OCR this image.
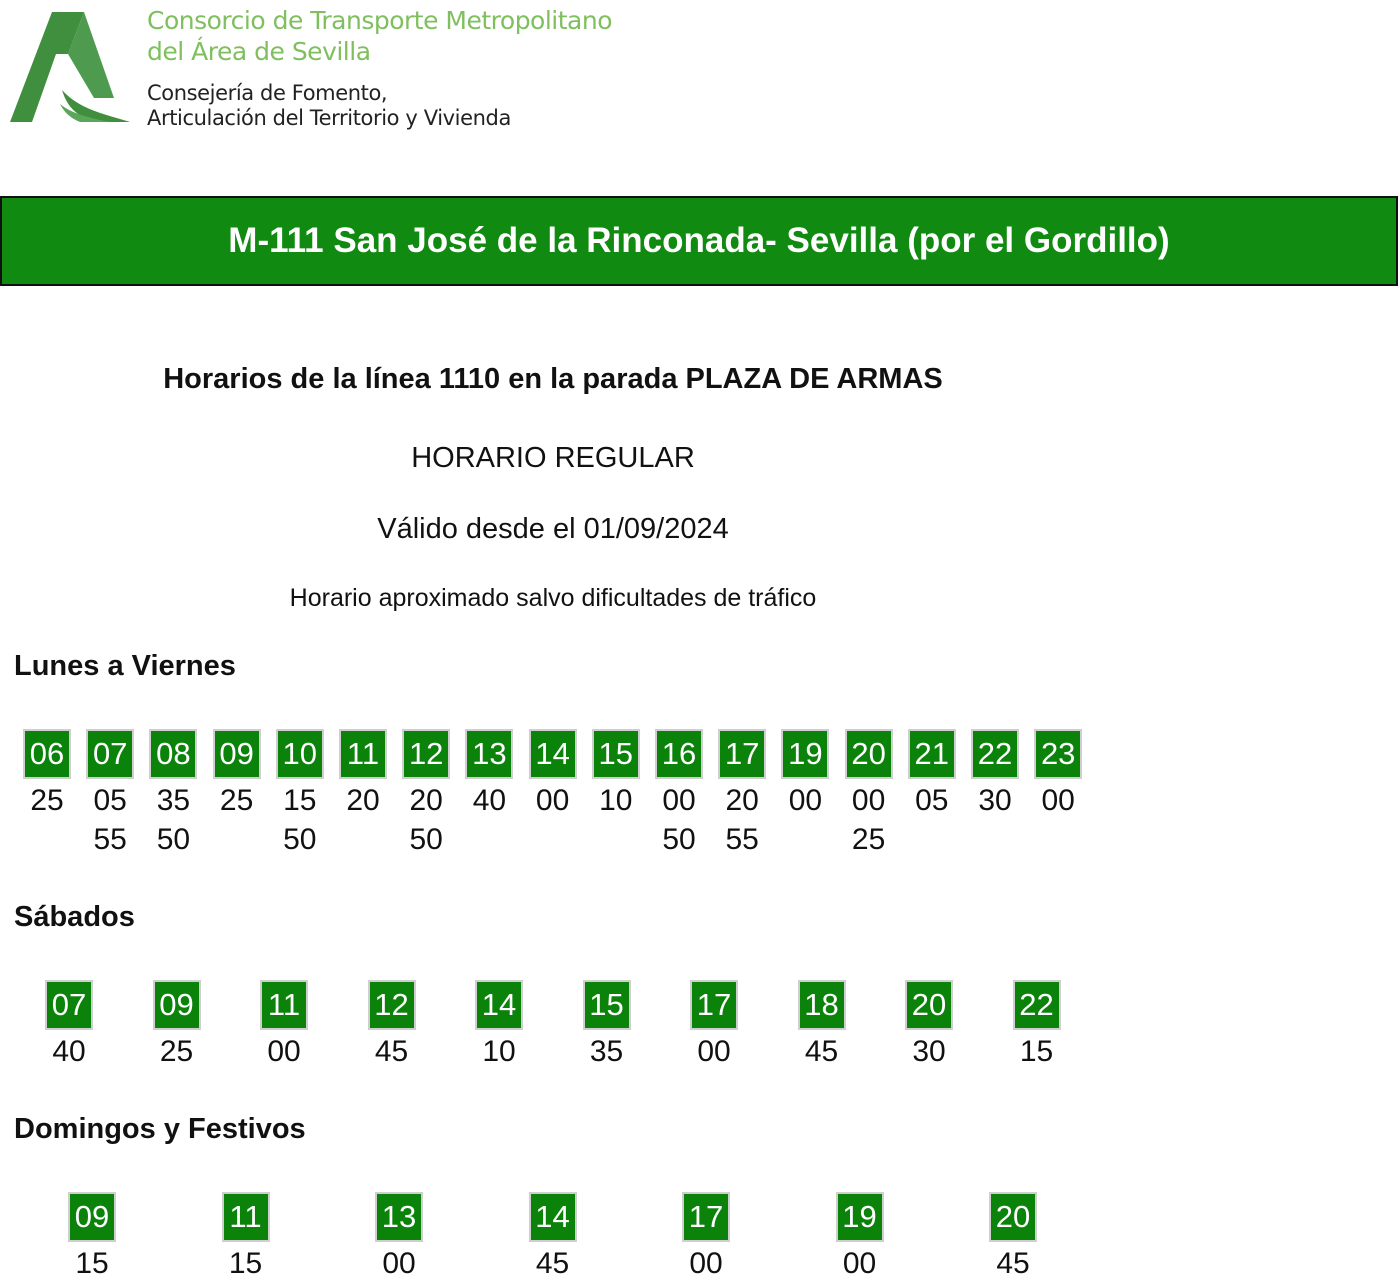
Consorcio de Transporte Metropolitano
del Área de Sevilla
Consejería de Fomento,
Articulación del Territorio y Vivienda
M-111 San José de la Rinconada- Sevilla (por el Gordillo)
Horarios de la línea 1110 en la parada PLAZA DE ARMAS
HORARIO REGULAR
Válido desde el 01/09/2024
Horario aproximado salvo dificultades de tráfico
Lunes a Viernes
06
25
07
05
55
08
35
50
09
25
10
15
50
11
20
12
20
50
13
40
14
00
15
10
16
00
50
17
20
55
19
00
20
00
25
21
05
22
30
23
00
Sábados
07
40
09
25
11
00
12
45
14
10
15
35
17
00
18
45
20
30
22
15
Domingos y Festivos
09
15
11
15
13
00
14
45
17
00
19
00
20
45
